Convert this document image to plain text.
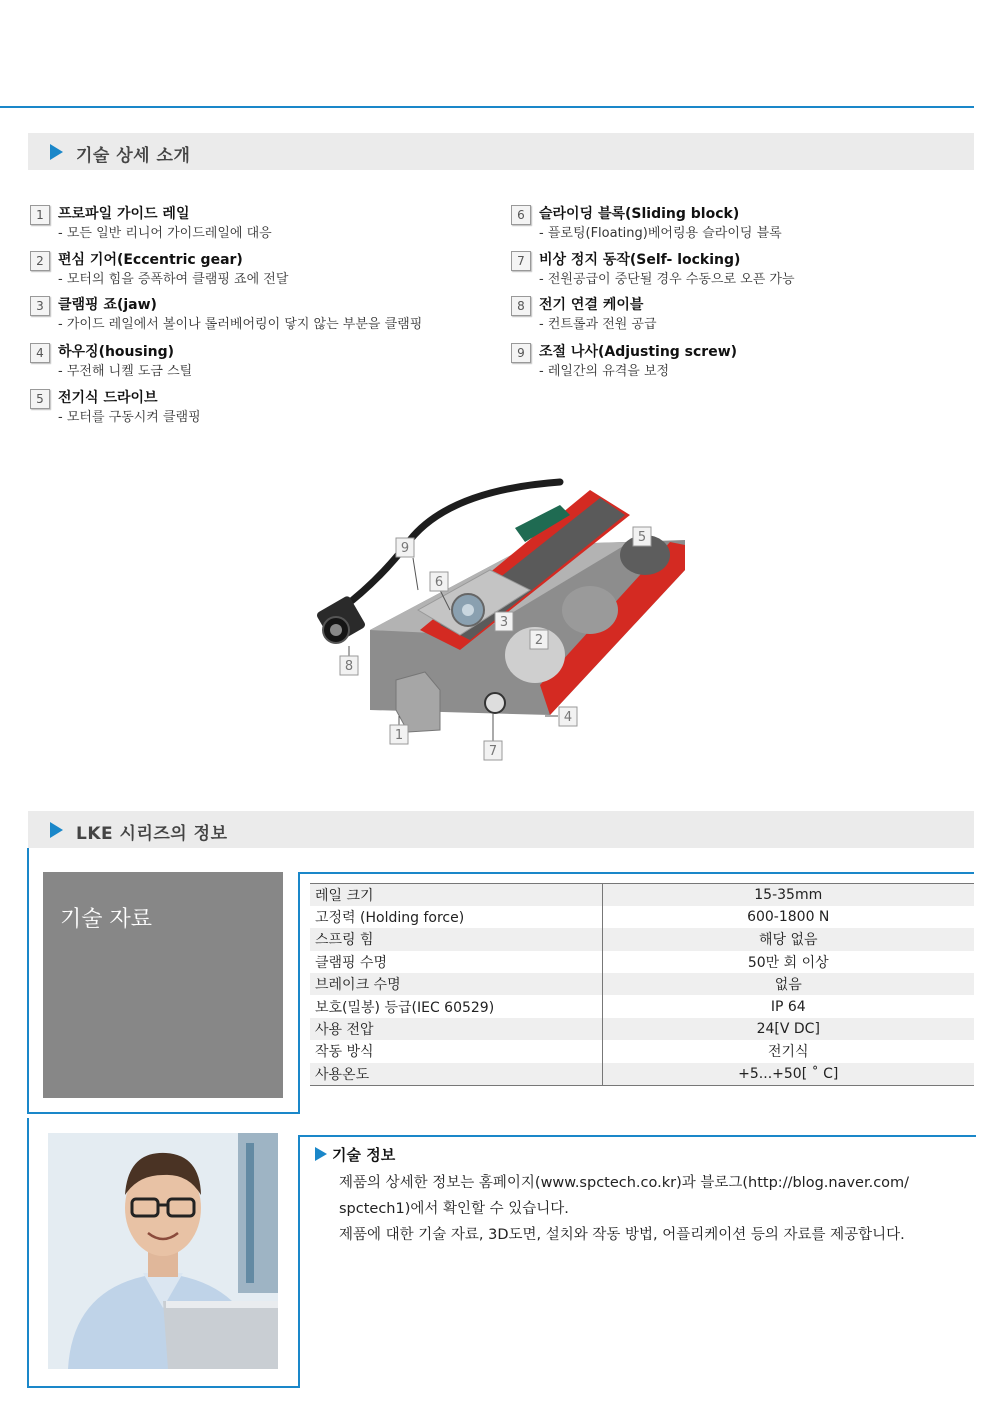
기술 상세 소개
1	프로파일 가이드 레일
- 모든 일반 리니어 가이드레일에 대응
2	편심 기어(Eccentric gear)
- 모터의 힘을 증폭하여 클램핑 죠에 전달
3	클램핑 죠(jaw)
- 가이드 레일에서 볼이나 롤러베어링이 닿지 않는 부분을 클램핑
4	하우징(housing)
- 무전해 니켈 도금 스틸
5	전기식 드라이브
- 모터를 구동시켜 클램핑
6	슬라이딩 블록(Sliding block)
- 플로팅(Floating)베어링용 슬라이딩 블록
7	비상 정지 동작(Self- locking)
- 전원공급이 중단될 경우 수동으로 오픈 가능
8	전기 연결 케이블
- 컨트롤과 전원 공급
9	조절 나사(Adjusting screw)
- 레일간의 유격을 보정
9
6
5
3
2
8
4
1
7
LKE 시리즈의 정보
기술 자료
레일 크기	15-35mm
고정력 (Holding force)	600-1800 N
스프링 힘	해당 없음
클램핑 수명	50만 회 이상
브레이크 수명	없음
보호(밀봉) 등급(IEC 60529)	IP 64
사용 전압	24[V DC]
작동 방식	전기식
사용온도	+5...+50[ ˚ C]
기술 정보
제품의 상세한 정보는 홈페이지(www.spctech.co.kr)과 블로그(http://blog.naver.com/
spctech1)에서 확인할 수 있습니다.
제품에 대한 기술 자료, 3D도면, 설치와 작동 방법, 어플리케이션 등의 자료를 제공합니다.
